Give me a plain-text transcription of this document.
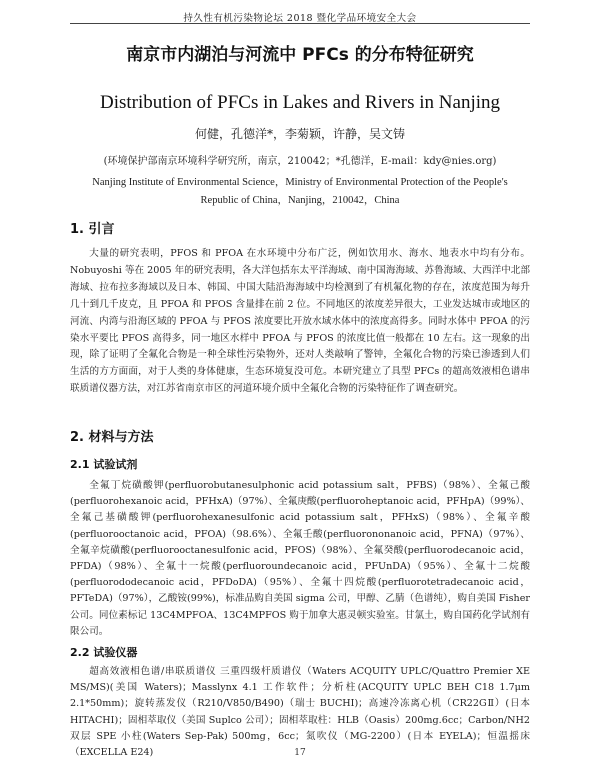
持久性有机污染物论坛 2018 暨化学品环境安全大会
南京市内湖泊与河流中 PFCs 的分布特征研究
Distribution of PFCs in Lakes and Rivers in Nanjing
何健，孔德洋*，李菊颖，许静，吴文铸
(环境保护部南京环境科学研究所，南京，210042；*孔德洋，E-mail：kdy@nies.org)
Nanjing Institute of Environmental Science，Ministry of Environmental Protection of the People's Republic of China，Nanjing，210042，China
1. 引言
大量的研究表明，PFOS 和 PFOA 在水环境中分布广泛，例如饮用水、海水、地表水中均有分布。Nobuyoshi 等在 2005 年的研究表明，各大洋包括东太平洋海域、南中国海海域、苏鲁海域、大西洋中北部海域、拉布拉多海域以及日本、韩国、中国大陆沿海海域中均检测到了有机氟化物的存在，浓度范围为每升几十到几千皮克，且 PFOA 和 PFOS 含量排在前 2 位。不同地区的浓度差异很大，工业发达城市或地区的河流、内湾与沿海区域的 PFOA 与 PFOS 浓度要比开放水域水体中的浓度高得多。同时水体中 PFOA 的污染水平要比 PFOS 高得多，同一地区水样中 PFOA 与 PFOS 的浓度比值一般都在 10 左右。这一现象的出现，除了证明了全氟化合物是一种全球性污染物外，还对人类敲响了警钟，全氟化合物的污染已渗透到人们生活的方方面面，对于人类的身体健康，生态环境复没可危。本研究建立了具型 PFCs 的超高效液相色谱串联质谱仪器方法，对江苏省南京市区的河道环境介质中全氟化合物的污染特征作了调查研究。
2. 材料与方法
2.1 试验试剂
全氟丁烷磺酸钾(perfluorobutanesulphonic acid potassium salt，PFBS)（98%）、全氟己酸(perfluorohexanoic acid，PFHxA)（97%）、全氟庚酸(perfluoroheptanoic acid，PFHpA)（99%）、全氟己基磺酸钾(perfluorohexanesulfonic acid potassium salt，PFHxS)（98%）、全氟辛酸(perfluorooctanoic acid，PFOA)（98.6%）、全氟壬酸(perfluorononanoic acid，PFNA)（97%）、全氟辛烷磺酸(perfluorooctanesulfonic acid，PFOS)（98%）、全氟癸酸(perfluorodecanoic acid，PFDA)（98%）、全氟十一烷酸(perfluoroundecanoic acid，PFUnDA)（95%）、全氟十二烷酸(perfluorododecanoic acid，PFDoDA)（95%）、全氟十四烷酸(perfluorotetradecanoic acid，PFTeDA)（97%），乙酸铵(99%)，标准品购自美国 sigma 公司，甲醇、乙腈（色谱纯），购自美国 Fisher 公司。同位素标记 13C4MPFOA、13C4MPFOS 购于加拿大惠灵顿实验室。甘氯土，购自国药化学试剂有限公司。
2.2 试验仪器
超高效液相色谱/串联质谱仪 三重四级杆质谱仪（Waters ACQUITY UPLC/Quattro Premier XE MS/MS)(美国 Waters)；Masslynx 4.1 工作软件；分析柱(ACQUITY UPLC BEH C18 1.7μm 2.1*50mm)；旋转蒸发仪（R210/V850/B490)（瑞士 BUCHI)；高速冷冻离心机（CR22GⅡ）(日本 HITACHI)；固相萃取仪（美国 Suplco 公司）；固相萃取柱：HLB（Oasis）200mg.6cc；Carbon/NH2 双层 SPE 小柱(Waters Sep-Pak) 500mg，6cc；氮吹仪（MG-2200）(日本 EYELA)；恒温摇床（EXCELLA E24)	17
